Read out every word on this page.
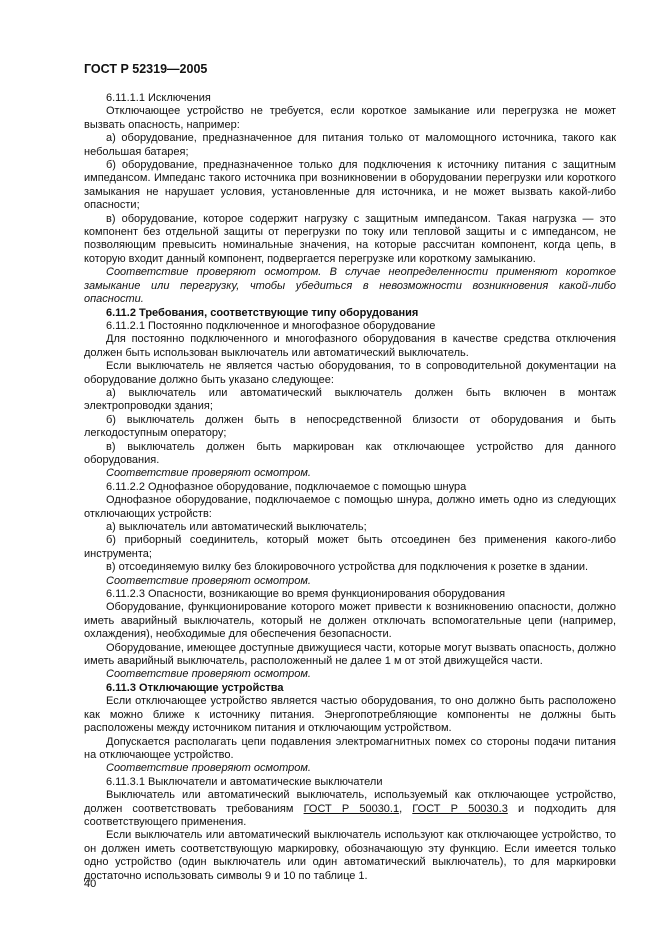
ГОСТ Р 52319—2005

6.11.1.1 Исключения

Отключающее устройство не требуется, если короткое замыкание или перегрузка не может вызвать опасность, например:

а) оборудование, предназначенное для питания только от маломощного источника, такого как небольшая батарея;

б) оборудование, предназначенное только для подключения к источнику питания с защитным импедансом. Импеданс такого источника при возникновении в оборудовании перегрузки или короткого замыкания не нарушает условия, установленные для источника, и не может вызвать какой-либо опасности;

в) оборудование, которое содержит нагрузку с защитным импедансом. Такая нагрузка — это компонент без отдельной защиты от перегрузки по току или тепловой защиты и с импедансом, не позволяющим превысить номинальные значения, на которые рассчитан компонент, когда цепь, в которую входит данный компонент, подвергается перегрузке или короткому замыканию.

Соответствие проверяют осмотром. В случае неопределенности применяют короткое замыкание или перегрузку, чтобы убедиться в невозможности возникновения какой-либо опасности.

6.11.2 Требования, соответствующие типу оборудования

6.11.2.1 Постоянно подключенное и многофазное оборудование

Для постоянно подключенного и многофазного оборудования в качестве средства отключения должен быть использован выключатель или автоматический выключатель.

Если выключатель не является частью оборудования, то в сопроводительной документации на оборудование должно быть указано следующее:

а) выключатель или автоматический выключатель должен быть включен в монтаж электропроводки здания;

б) выключатель должен быть в непосредственной близости от оборудования и быть легкодоступным оператору;

в) выключатель должен быть маркирован как отключающее устройство для данного оборудования.

Соответствие проверяют осмотром.

6.11.2.2 Однофазное оборудование, подключаемое с помощью шнура

Однофазное оборудование, подключаемое с помощью шнура, должно иметь одно из следующих отключающих устройств:

а) выключатель или автоматический выключатель;

б) приборный соединитель, который может быть отсоединен без применения какого-либо инструмента;

в) отсоединяемую вилку без блокировочного устройства для подключения к розетке в здании.

Соответствие проверяют осмотром.

6.11.2.3 Опасности, возникающие во время функционирования оборудования

Оборудование, функционирование которого может привести к возникновению опасности, должно иметь аварийный выключатель, который не должен отключать вспомогательные цепи (например, охлаждения), необходимые для обеспечения безопасности.

Оборудование, имеющее доступные движущиеся части, которые могут вызвать опасность, должно иметь аварийный выключатель, расположенный не далее 1 м от этой движущейся части.

Соответствие проверяют осмотром.

6.11.3 Отключающие устройства

Если отключающее устройство является частью оборудования, то оно должно быть расположено как можно ближе к источнику питания. Энергопотребляющие компоненты не должны быть расположены между источником питания и отключающим устройством.

Допускается располагать цепи подавления электромагнитных помех со стороны подачи питания на отключающее устройство.

Соответствие проверяют осмотром.

6.11.3.1 Выключатели и автоматические выключатели

Выключатель или автоматический выключатель, используемый как отключающее устройство, должен соответствовать требованиям ГОСТ Р 50030.1, ГОСТ Р 50030.3 и подходить для соответствующего применения.

Если выключатель или автоматический выключатель используют как отключающее устройство, то он должен иметь соответствующую маркировку, обозначающую эту функцию. Если имеется только одно устройство (один выключатель или один автоматический выключатель), то для маркировки достаточно использовать символы 9 и 10 по таблице 1.

40
